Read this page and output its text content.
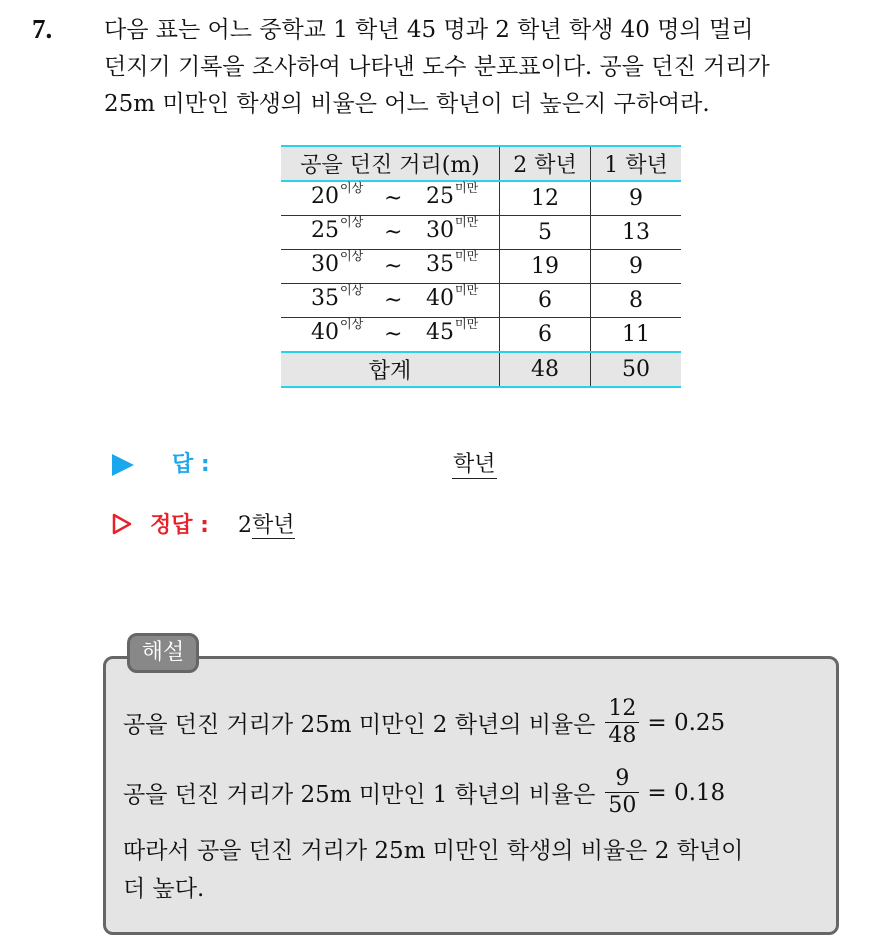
7. 다음 표는 어느 중학교 1 학년 45 명과 2 학년 학생 40 명의 멀리
던지기 기록을 조사하여 나타낸 도수 분포표이다. 공을 던진 거리가
25m 미만인 학생의 비율은 어느 학년이 더 높은지 구하여라.

공을 던진 거리(m)	2 학년	1 학년

$20^{이상}$ ~ $25^{미만}$	12	9

$25^{이상}$ ~ $30^{미만}$	5	13

$30^{이상}$ ~ $35^{미만}$	19	9

$35^{이상}$ ~ $40^{미만}$	6	8

$40^{이상}$ ~ $45^{미만}$	6	11
합계	48	50
답 :	학년
정답 : 2학년
해설
공을 던진 거리가 25m 미만인 2 학년의 비율은 $\frac{12}{48} = 0.25$
공을 던진 거리가 25m 미만인 1 학년의 비율은 $\frac{9}{50} = 0.18$
따라서 공을 던진 거리가 25m 미만인 학생의 비율은 2 학년이
더 높다.
